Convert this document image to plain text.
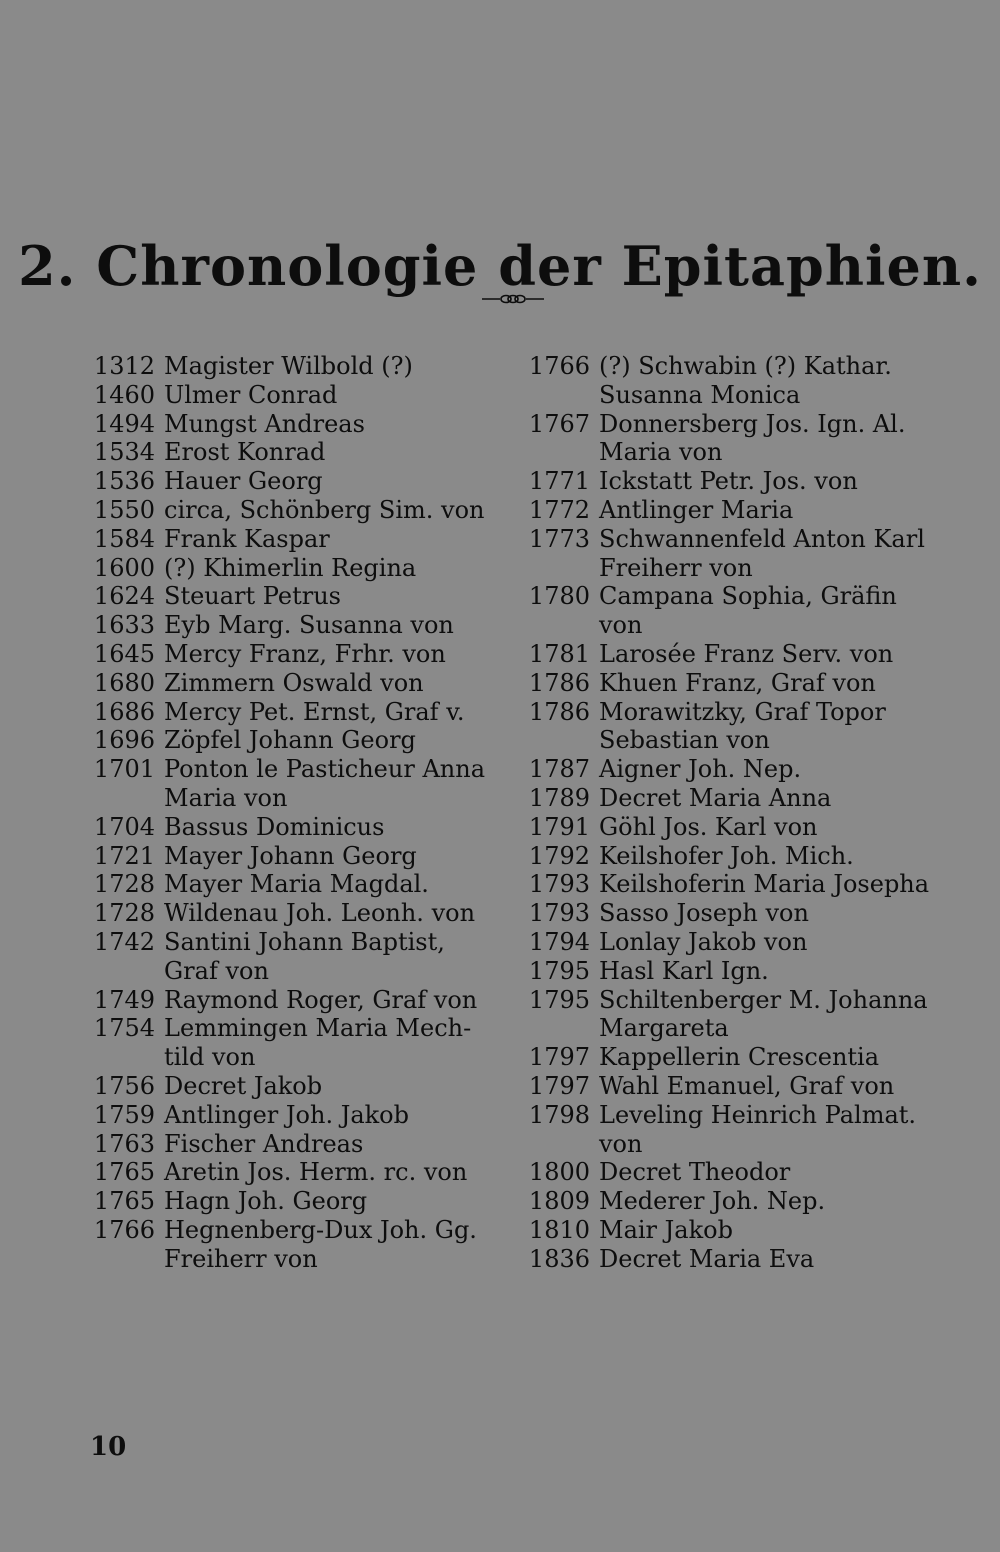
2. Chronologie der Epitaphien.
1312 Magister Wilbold (?)
1460 Ulmer Conrad
1494 Mungst Andreas
1534 Erost Konrad
1536 Hauer Georg
1550 circa, Schönberg Sim. von
1584 Frank Kaspar
1600 (?) Khimerlin Regina
1624 Steuart Petrus
1633 Eyb Marg. Susanna von
1645 Mercy Franz, Frhr. von
1680 Zimmern Oswald von
1686 Mercy Pet. Ernst, Graf v.
1696 Zöpfel Johann Georg
1701 Ponton le Pasticheur Anna
Maria von
1704 Bassus Dominicus
1721 Mayer Johann Georg
1728 Mayer Maria Magdal.
1728 Wildenau Joh. Leonh. von
1742 Santini Johann Baptist,
Graf von
1749 Raymond Roger, Graf von
1754 Lemmingen Maria Mech-
tild von
1756 Decret Jakob
1759 Antlinger Joh. Jakob
1763 Fischer Andreas
1765 Aretin Jos. Herm. rc. von
1765 Hagn Joh. Georg
1766 Hegnenberg-Dux Joh. Gg.
Freiherr von
1766 (?) Schwabin (?) Kathar.
Susanna Monica
1767 Donnersberg Jos. Ign. Al.
Maria von
1771 Ickstatt Petr. Jos. von
1772 Antlinger Maria
1773 Schwannenfeld Anton Karl
Freiherr von
1780 Campana Sophia, Gräfin
von
1781 Larosée Franz Serv. von
1786 Khuen Franz, Graf von
1786 Morawitzky, Graf Topor
Sebastian von
1787 Aigner Joh. Nep.
1789 Decret Maria Anna
1791 Göhl Jos. Karl von
1792 Keilshofer Joh. Mich.
1793 Keilshoferin Maria Josepha
1793 Sasso Joseph von
1794 Lonlay Jakob von
1795 Hasl Karl Ign.
1795 Schiltenberger M. Johanna
Margareta
1797 Kappellerin Crescentia
1797 Wahl Emanuel, Graf von
1798 Leveling Heinrich Palmat.
von
1800 Decret Theodor
1809 Mederer Joh. Nep.
1810 Mair Jakob
1836 Decret Maria Eva
10
